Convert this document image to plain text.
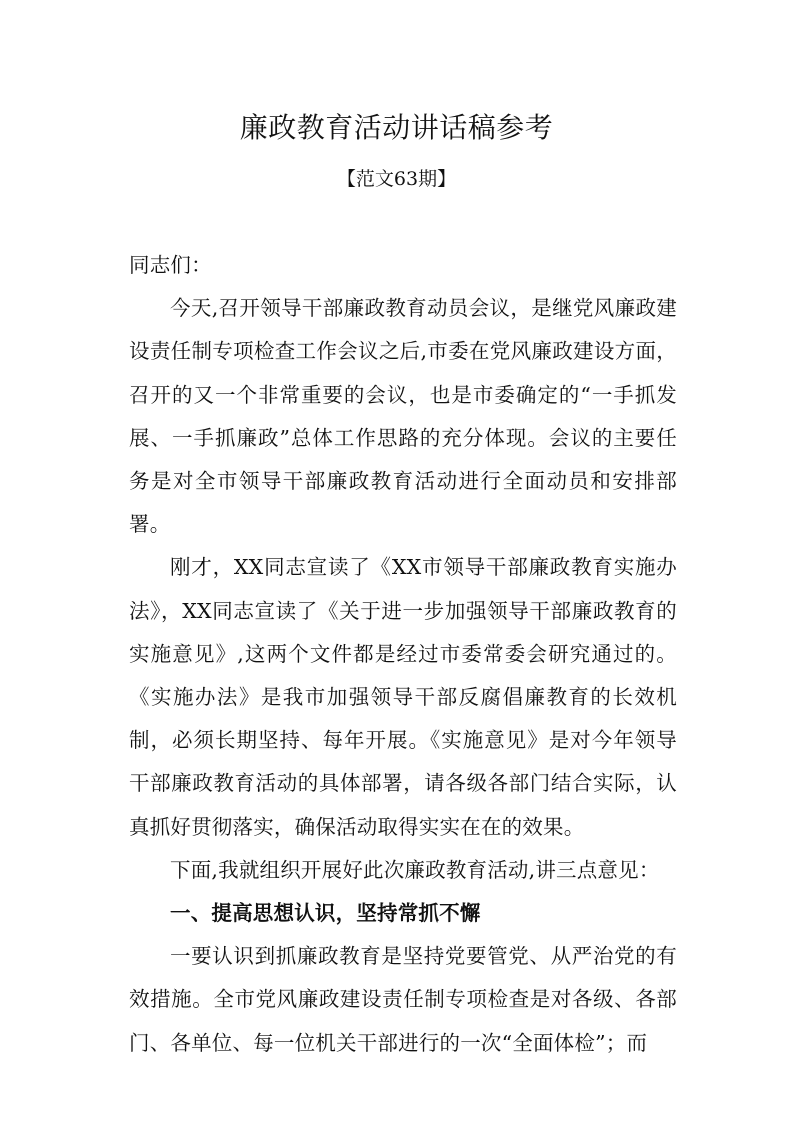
廉政教育活动讲话稿参考
【范文63期】

同志们：

今天,召开领导干部廉政教育动员会议，是继党风廉政建设责任制专项检查工作会议之后,市委在党风廉政建设方面，召开的又一个非常重要的会议，也是市委确定的“一手抓发展、一手抓廉政”总体工作思路的充分体现。会议的主要任务是对全市领导干部廉政教育活动进行全面动员和安排部署。

刚才，XX同志宣读了《XX市领导干部廉政教育实施办法》，XX同志宣读了《关于进一步加强领导干部廉政教育的实施意见》,这两个文件都是经过市委常委会研究通过的。《实施办法》是我市加强领导干部反腐倡廉教育的长效机制，必须长期坚持、每年开展。《实施意见》是对今年领导干部廉政教育活动的具体部署，请各级各部门结合实际，认真抓好贯彻落实，确保活动取得实实在在的效果。

下面,我就组织开展好此次廉政教育活动,讲三点意见：

一、提高思想认识，坚持常抓不懈

一要认识到抓廉政教育是坚持党要管党、从严治党的有效措施。全市党风廉政建设责任制专项检查是对各级、各部门、各单位、每一位机关干部进行的一次“全面体检”；而
